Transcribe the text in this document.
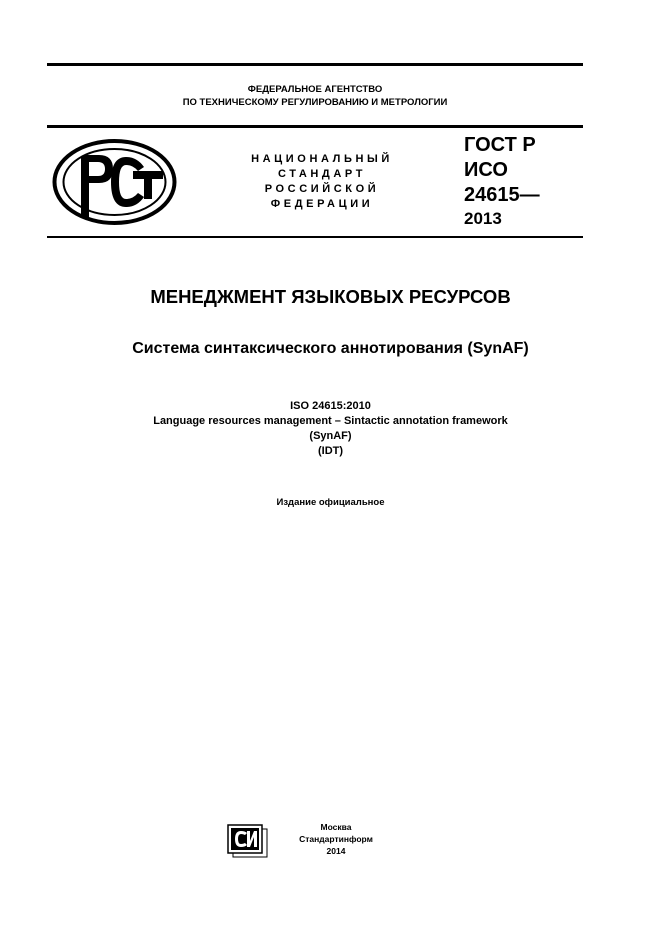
ФЕДЕРАЛЬНОЕ АГЕНТСТВО
ПО ТЕХНИЧЕСКОМУ РЕГУЛИРОВАНИЮ И МЕТРОЛОГИИ
НАЦИОНАЛЬНЫЙ
СТАНДАРТ
РОССИЙСКОЙ
ФЕДЕРАЦИИ
ГОСТ Р
ИСО
24615—
2013
МЕНЕДЖМЕНТ ЯЗЫКОВЫХ РЕСУРСОВ
Система синтаксического аннотирования (SynAF)
ISO 24615:2010
Language resources management – Sintactic annotation framework
(SynAF)
(IDT)
Издание официальное
Москва
Стандартинформ
2014
